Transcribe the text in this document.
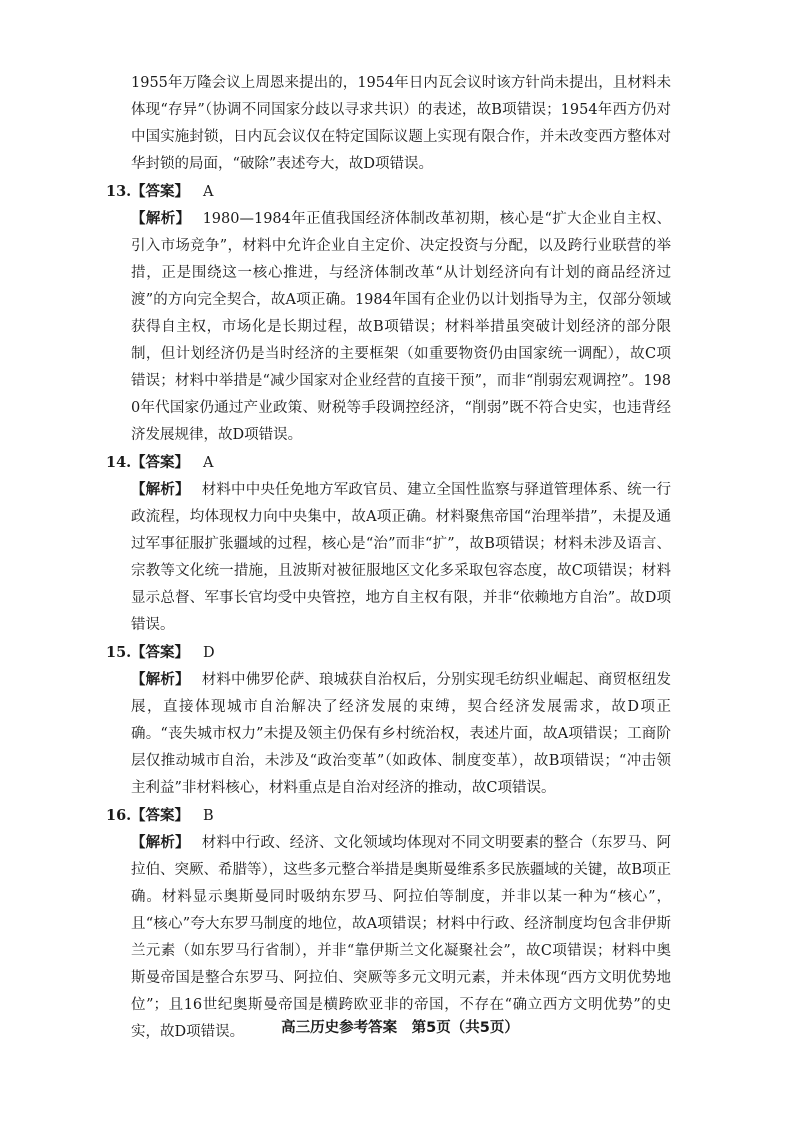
1955年万隆会议上周恩来提出的，1954年日内瓦会议时该方针尚未提出，且材料未体现“存异”（协调不同国家分歧以寻求共识）的表述，故B项错误；1954年西方仍对中国实施封锁，日内瓦会议仅在特定国际议题上实现有限合作，并未改变西方整体对华封锁的局面，“破除”表述夸大，故D项错误。

13. 【答案】 A

【解析】 1980—1984年正值我国经济体制改革初期，核心是“扩大企业自主权、引入市场竞争”，材料中允许企业自主定价、决定投资与分配，以及跨行业联营的举措，正是围绕这一核心推进，与经济体制改革“从计划经济向有计划的商品经济过渡”的方向完全契合，故A项正确。1984年国有企业仍以计划指导为主，仅部分领域获得自主权，市场化是长期过程，故B项错误；材料举措虽突破计划经济的部分限制，但计划经济仍是当时经济的主要框架（如重要物资仍由国家统一调配），故C项错误；材料中举措是“减少国家对企业经营的直接干预”，而非“削弱宏观调控”。1980年代国家仍通过产业政策、财税等手段调控经济，“削弱”既不符合史实，也违背经济发展规律，故D项错误。

14. 【答案】 A

【解析】 材料中中央任免地方军政官员、建立全国性监察与驿道管理体系、统一行政流程，均体现权力向中央集中，故A项正确。材料聚焦帝国“治理举措”，未提及通过军事征服扩张疆域的过程，核心是“治”而非“扩”，故B项错误；材料未涉及语言、宗教等文化统一措施，且波斯对被征服地区文化多采取包容态度，故C项错误；材料显示总督、军事长官均受中央管控，地方自主权有限，并非“依赖地方自治”。故D项错误。

15. 【答案】 D

【解析】 材料中佛罗伦萨、琅城获自治权后，分别实现毛纺织业崛起、商贸枢纽发展，直接体现城市自治解决了经济发展的束缚，契合经济发展需求，故D项正确。“丧失城市权力”未提及领主仍保有乡村统治权，表述片面，故A项错误；工商阶层仅推动城市自治，未涉及“政治变革”（如政体、制度变革），故B项错误；“冲击领主利益”非材料核心，材料重点是自治对经济的推动，故C项错误。

16. 【答案】 B

【解析】 材料中行政、经济、文化领域均体现对不同文明要素的整合（东罗马、阿拉伯、突厥、希腊等），这些多元整合举措是奥斯曼维系多民族疆域的关键，故B项正确。材料显示奥斯曼同时吸纳东罗马、阿拉伯等制度，并非以某一种为“核心”，且“核心”夸大东罗马制度的地位，故A项错误；材料中行政、经济制度均包含非伊斯兰元素（如东罗马行省制），并非“靠伊斯兰文化凝聚社会”，故C项错误；材料中奥斯曼帝国是整合东罗马、阿拉伯、突厥等多元文明元素，并未体现“西方文明优势地位”；且16世纪奥斯曼帝国是横跨欧亚非的帝国，不存在“确立西方文明优势”的史实，故D项错误。	高三历史参考答案　第5页（共5页）
